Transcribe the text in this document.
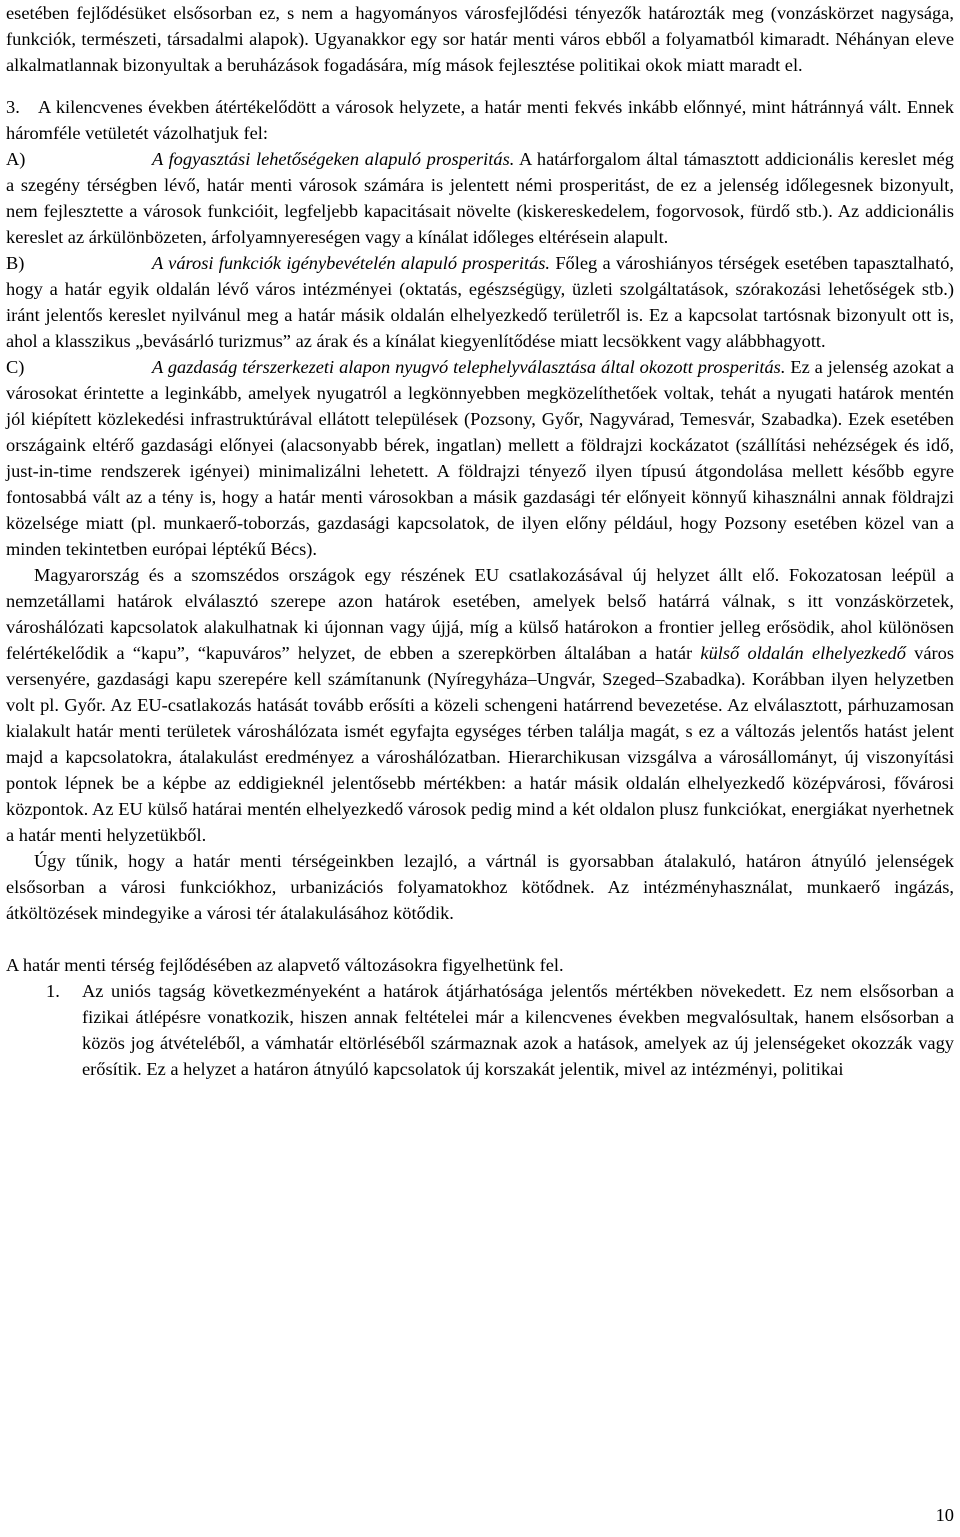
esetében fejlődésüket elsősorban ez, s nem a hagyományos városfejlődési tényezők határozták meg (vonzáskörzet nagysága, funkciók, természeti, társadalmi alapok). Ugyanakkor egy sor határ menti város ebből a folyamatból kimaradt. Néhányan eleve alkalmatlannak bizonyultak a beruházások fogadására, míg mások fejlesztése politikai okok miatt maradt el.

3. A kilencvenes években átértékelődött a városok helyzete, a határ menti fekvés inkább előnnyé, mint hátránnyá vált. Ennek háromféle vetületét vázolhatjuk fel:

A)	A fogyasztási lehetőségeken alapuló prosperitás. A határforgalom által támasztott addicionális kereslet még a szegény térségben lévő, határ menti városok számára is jelentett némi prosperitást, de ez a jelenség időlegesnek bizonyult, nem fejlesztette a városok funkcióit, legfeljebb kapacitásait növelte (kiskereskedelem, fogorvosok, fürdő stb.). Az addicionális kereslet az árkülönbözeten, árfolyamnyereségen vagy a kínálat időleges eltérésein alapult.

B)	A városi funkciók igénybevételén alapuló prosperitás. Főleg a városhiányos térségek esetében tapasztalható, hogy a határ egyik oldalán lévő város intézményei (oktatás, egészségügy, üzleti szolgáltatások, szórakozási lehetőségek stb.) iránt jelentős kereslet nyilvánul meg a határ másik oldalán elhelyezkedő területről is. Ez a kapcsolat tartósnak bizonyult ott is, ahol a klasszikus „bevásárló turizmus” az árak és a kínálat kiegyenlítődése miatt lecsökkent vagy alábbhagyott.

C)	A gazdaság térszerkezeti alapon nyugvó telephelyválasztása által okozott prosperitás. Ez a jelenség azokat a városokat érintette a leginkább, amelyek nyugatról a legkönnyebben megközelíthetőek voltak, tehát a nyugati határok mentén jól kiépített közlekedési infrastruktúrával ellátott települések (Pozsony, Győr, Nagyvárad, Temesvár, Szabadka). Ezek esetében országaink eltérő gazdasági előnyei (alacsonyabb bérek, ingatlan) mellett a földrajzi kockázatot (szállítási nehézségek és idő, just-in-time rendszerek igényei) minimalizálni lehetett. A földrajzi tényező ilyen típusú átgondolása mellett később egyre fontosabbá vált az a tény is, hogy a határ menti városokban a másik gazdasági tér előnyeit könnyű kihasználni annak földrajzi közelsége miatt (pl. munkaerő-toborzás, gazdasági kapcsolatok, de ilyen előny például, hogy Pozsony esetében közel van a minden tekintetben európai léptékű Bécs).

Magyarország és a szomszédos országok egy részének EU csatlakozásával új helyzet állt elő. Fokozatosan leépül a nemzetállami határok elválasztó szerepe azon határok esetében, amelyek belső határrá válnak, s itt vonzáskörzetek, városhálózati kapcsolatok alakulhatnak ki újonnan vagy újjá, míg a külső határokon a frontier jelleg erősödik, ahol különösen felértékelődik a “kapu”, “kapuváros” helyzet, de ebben a szerepkörben általában a határ külső oldalán elhelyezkedő város versenyére, gazdasági kapu szerepére kell számítanunk (Nyíregyháza–Ungvár, Szeged–Szabadka). Korábban ilyen helyzetben volt pl. Győr. Az EU-csatlakozás hatását tovább erősíti a közeli schengeni határrend bevezetése. Az elválasztott, párhuzamosan kialakult határ menti területek városhálózata ismét egyfajta egységes térben találja magát, s ez a változás jelentős hatást jelent majd a kapcsolatokra, átalakulást eredményez a városhálózatban. Hierarchikusan vizsgálva a városállományt, új viszonyítási pontok lépnek be a képbe az eddigieknél jelentősebb mértékben: a határ másik oldalán elhelyezkedő középvárosi, fővárosi központok. Az EU külső határai mentén elhelyezkedő városok pedig mind a két oldalon plusz funkciókat, energiákat nyerhetnek a határ menti helyzetükből.

Úgy tűnik, hogy a határ menti térségeinkben lezajló, a vártnál is gyorsabban átalakuló, határon átnyúló jelenségek elsősorban a városi funkciókhoz, urbanizációs folyamatokhoz kötődnek. Az intézményhasználat, munkaerő ingázás, átköltözések mindegyike a városi tér átalakulásához kötődik.

A határ menti térség fejlődésében az alapvető változásokra figyelhetünk fel.

1. Az uniós tagság következményeként a határok átjárhatósága jelentős mértékben növekedett. Ez nem elsősorban a fizikai átlépésre vonatkozik, hiszen annak feltételei már a kilencvenes években megvalósultak, hanem elsősorban a közös jog átvételéből, a vámhatár eltörléséből származnak azok a hatások, amelyek az új jelenségeket okozzák vagy erősítik. Ez a helyzet a határon átnyúló kapcsolatok új korszakát jelentik, mivel az intézményi, politikai
10
